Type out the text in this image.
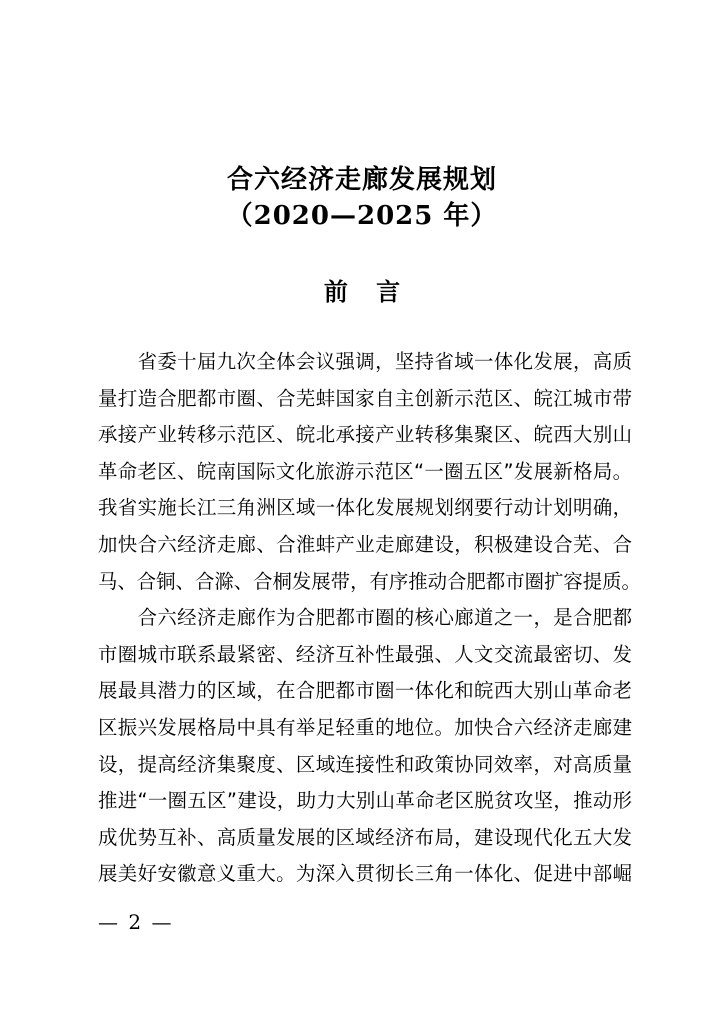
合六经济走廊发展规划
（2020—2025 年）
前 言
　　省委十届九次全体会议强调，坚持省域一体化发展，高质
量打造合肥都市圈、合芜蚌国家自主创新示范区、皖江城市带
承接产业转移示范区、皖北承接产业转移集聚区、皖西大别山
革命老区、皖南国际文化旅游示范区“一圈五区”发展新格局。
我省实施长江三角洲区域一体化发展规划纲要行动计划明确，
加快合六经济走廊、合淮蚌产业走廊建设，积极建设合芜、合
马、合铜、合滁、合桐发展带，有序推动合肥都市圈扩容提质。
　　合六经济走廊作为合肥都市圈的核心廊道之一，是合肥都
市圈城市联系最紧密、经济互补性最强、人文交流最密切、发
展最具潜力的区域，在合肥都市圈一体化和皖西大别山革命老
区振兴发展格局中具有举足轻重的地位。加快合六经济走廊建
设，提高经济集聚度、区域连接性和政策协同效率，对高质量
推进“一圈五区”建设，助力大别山革命老区脱贫攻坚，推动形
成优势互补、高质量发展的区域经济布局，建设现代化五大发
展美好安徽意义重大。为深入贯彻长三角一体化、促进中部崛
— 2 —
